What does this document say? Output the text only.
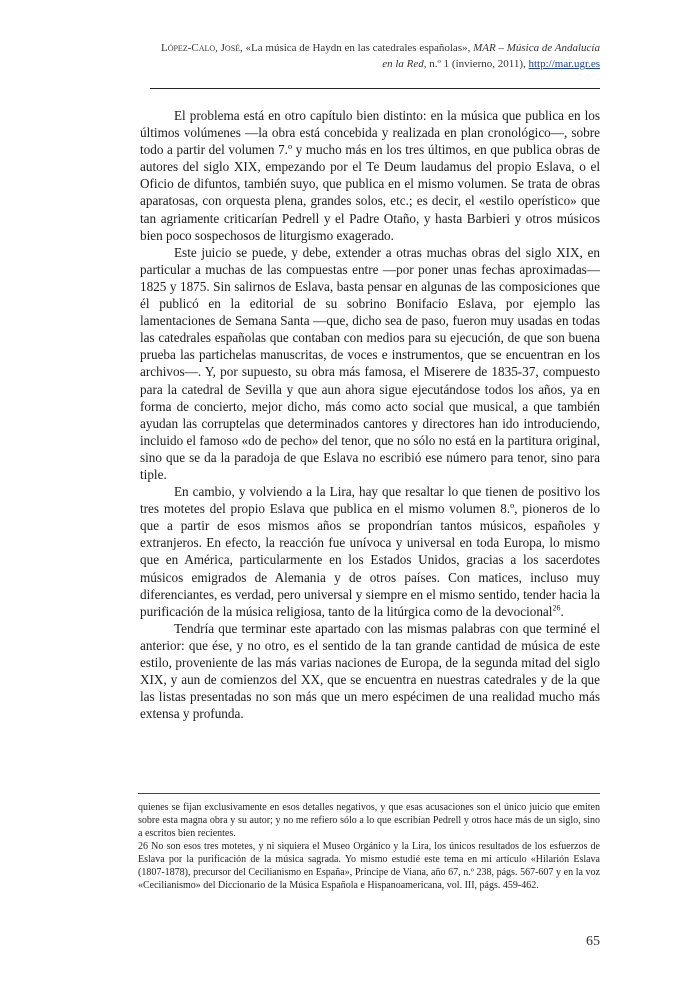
López-Calo, José, «La música de Haydn en las catedrales españolas», MAR – Música de Andalucía en la Red, n.º 1 (invierno, 2011), http://mar.ugr.es

El problema está en otro capítulo bien distinto: en la música que publica en los últimos volúmenes —la obra está concebida y realizada en plan cronológico—, sobre todo a partir del volumen 7.º y mucho más en los tres últimos, en que publica obras de autores del siglo XIX, empezando por el Te Deum laudamus del propio Eslava, o el Oficio de difuntos, también suyo, que publica en el mismo volumen. Se trata de obras aparatosas, con orquesta plena, grandes solos, etc.; es decir, el «estilo operístico» que tan agriamente criticarían Pedrell y el Padre Otaño, y hasta Barbieri y otros músicos bien poco sospechosos de liturgismo exagerado.

Este juicio se puede, y debe, extender a otras muchas obras del siglo XIX, en particular a muchas de las compuestas entre —por poner unas fechas aproximadas— 1825 y 1875. Sin salirnos de Eslava, basta pensar en algunas de las composiciones que él publicó en la editorial de su sobrino Bonifacio Eslava, por ejemplo las lamentaciones de Semana Santa —que, dicho sea de paso, fueron muy usadas en todas las catedrales españolas que contaban con medios para su ejecución, de que son buena prueba las partichelas manuscritas, de voces e instrumentos, que se encuentran en los archivos—. Y, por supuesto, su obra más famosa, el Miserere de 1835-37, compuesto para la catedral de Sevilla y que aun ahora sigue ejecutándose todos los años, ya en forma de concierto, mejor dicho, más como acto social que musical, a que también ayudan las corruptelas que determinados cantores y directores han ido introduciendo, incluido el famoso «do de pecho» del tenor, que no sólo no está en la partitura original, sino que se da la paradoja de que Eslava no escribió ese número para tenor, sino para tiple.

En cambio, y volviendo a la Lira, hay que resaltar lo que tienen de positivo los tres motetes del propio Eslava que publica en el mismo volumen 8.º, pioneros de lo que a partir de esos mismos años se propondrían tantos músicos, españoles y extranjeros. En efecto, la reacción fue unívoca y universal en toda Europa, lo mismo que en América, particularmente en los Estados Unidos, gracias a los sacerdotes músicos emigrados de Alemania y de otros países. Con matices, incluso muy diferenciantes, es verdad, pero universal y siempre en el mismo sentido, tender hacia la purificación de la música religiosa, tanto de la litúrgica como de la devocional$^{26}$.

Tendría que terminar este apartado con las mismas palabras con que terminé el anterior: que ése, y no otro, es el sentido de la tan grande cantidad de música de este estilo, proveniente de las más varias naciones de Europa, de la segunda mitad del siglo XIX, y aun de comienzos del XX, que se encuentra en nuestras catedrales y de la que las listas presentadas no son más que un mero espécimen de una realidad mucho más extensa y profunda.

quienes se fijan exclusivamente en esos detalles negativos, y que esas acusaciones son el único juicio que emiten sobre esta magna obra y su autor; y no me refiero sólo a lo que escribían Pedrell y otros hace más de un siglo, sino a escritos bien recientes.

26 No son esos tres motetes, y ni siquiera el Museo Orgánico y la Lira, los únicos resultados de los esfuerzos de Eslava por la purificación de la música sagrada. Yo mismo estudié este tema en mi artículo «Hilarión Eslava (1807-1878), precursor del Cecilianismo en España», Príncipe de Viana, año 67, n.º 238, págs. 567-607 y en la voz «Cecilianismo» del Diccionario de la Música Española e Hispanoamericana, vol. III, págs. 459-462.

65
